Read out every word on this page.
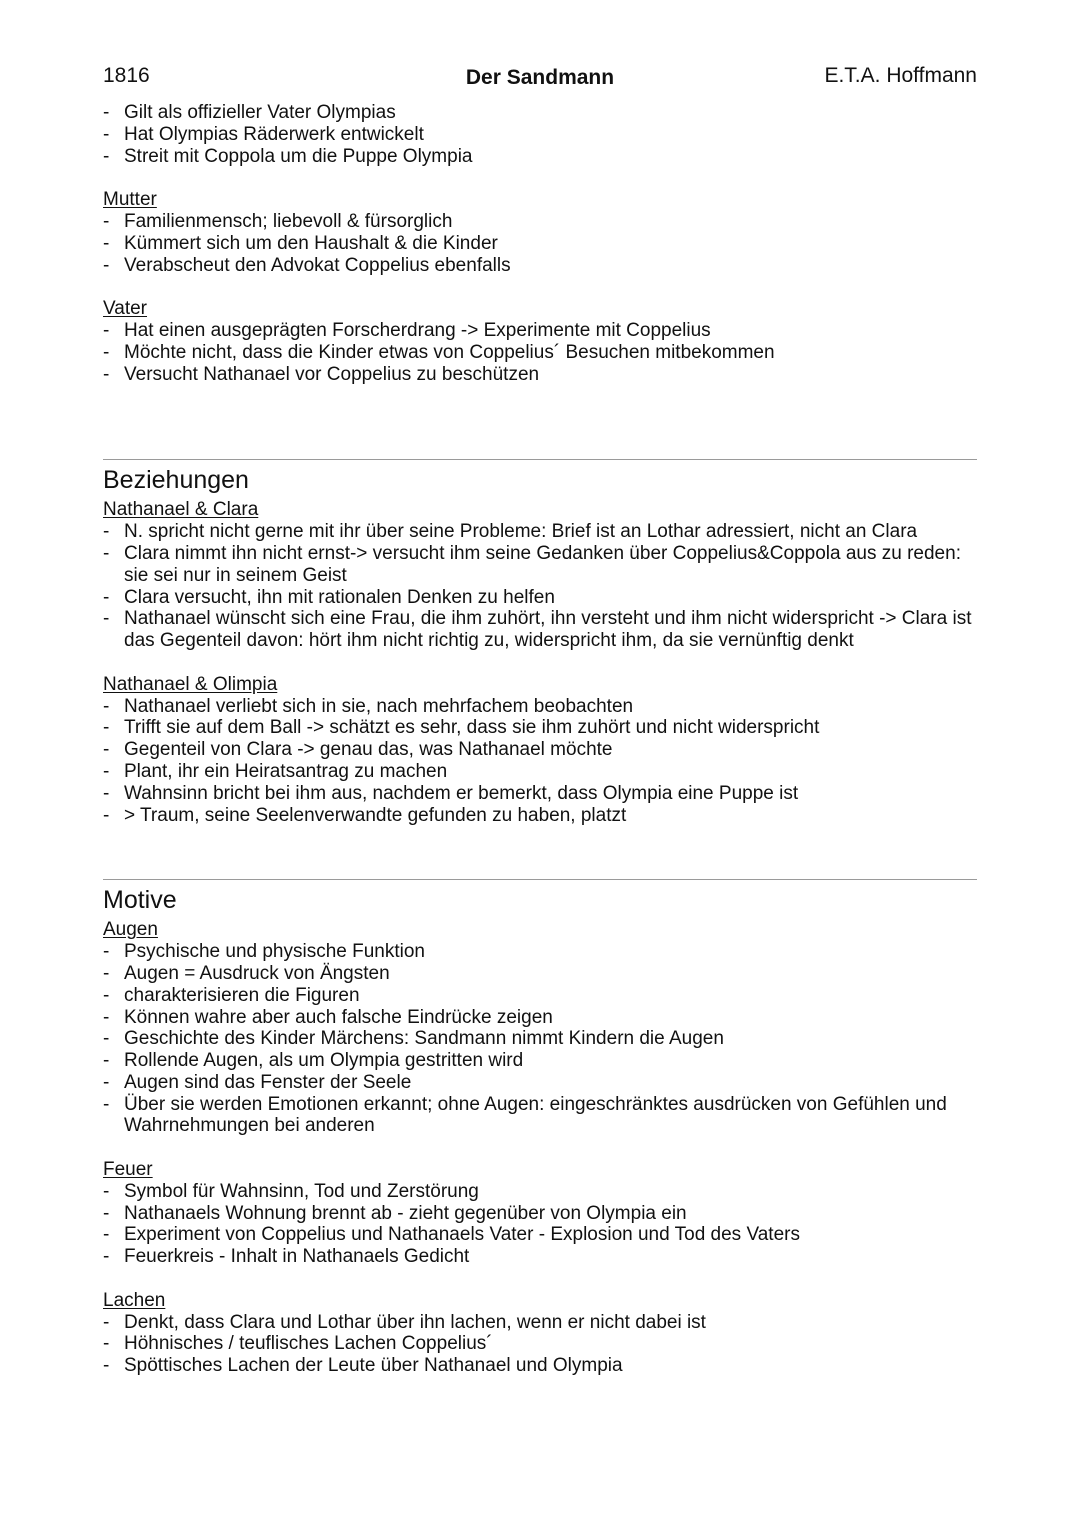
1816	Der Sandmann	E.T.A. Hoffmann
- Gilt als offizieller Vater Olympias
- Hat Olympias Räderwerk entwickelt
- Streit mit Coppola um die Puppe Olympia
Mutter
- Familienmensch; liebevoll & fürsorglich
- Kümmert sich um den Haushalt & die Kinder
- Verabscheut den Advokat Coppelius ebenfalls
Vater
- Hat einen ausgeprägten Forscherdrang -> Experimente mit Coppelius
- Möchte nicht, dass die Kinder etwas von Coppelius´ Besuchen mitbekommen
- Versucht Nathanael vor Coppelius zu beschützen
Beziehungen
Nathanael & Clara
- N. spricht nicht gerne mit ihr über seine Probleme: Brief ist an Lothar adressiert, nicht an Clara
- Clara nimmt ihn nicht ernst-> versucht ihm seine Gedanken über Coppelius&Coppola aus zu reden: sie sei nur in seinem Geist
- Clara versucht, ihn mit rationalen Denken zu helfen
- Nathanael wünscht sich eine Frau, die ihm zuhört, ihn versteht und ihm nicht widerspricht -> Clara ist das Gegenteil davon: hört ihm nicht richtig zu, widerspricht ihm, da sie vernünftig denkt
Nathanael & Olimpia
- Nathanael verliebt sich in sie, nach mehrfachem beobachten
- Trifft sie auf dem Ball -> schätzt es sehr, dass sie ihm zuhört und nicht widerspricht
- Gegenteil von Clara -> genau das, was Nathanael möchte
- Plant, ihr ein Heiratsantrag zu machen
- Wahnsinn bricht bei ihm aus, nachdem er bemerkt, dass Olympia eine Puppe ist
- > Traum, seine Seelenverwandte gefunden zu haben, platzt
Motive
Augen
- Psychische und physische Funktion
- Augen = Ausdruck von Ängsten
- charakterisieren die Figuren
- Können wahre aber auch falsche Eindrücke zeigen
- Geschichte des Kinder Märchens: Sandmann nimmt Kindern die Augen
- Rollende Augen, als um Olympia gestritten wird
- Augen sind das Fenster der Seele
- Über sie werden Emotionen erkannt; ohne Augen: eingeschränktes ausdrücken von Gefühlen und Wahrnehmungen bei anderen
Feuer
- Symbol für Wahnsinn, Tod und Zerstörung
- Nathanaels Wohnung brennt ab - zieht gegenüber von Olympia ein
- Experiment von Coppelius und Nathanaels Vater - Explosion und Tod des Vaters
- Feuerkreis - Inhalt in Nathanaels Gedicht
Lachen
- Denkt, dass Clara und Lothar über ihn lachen, wenn er nicht dabei ist
- Höhnisches / teuflisches Lachen Coppelius´
- Spöttisches Lachen der Leute über Nathanael und Olympia
